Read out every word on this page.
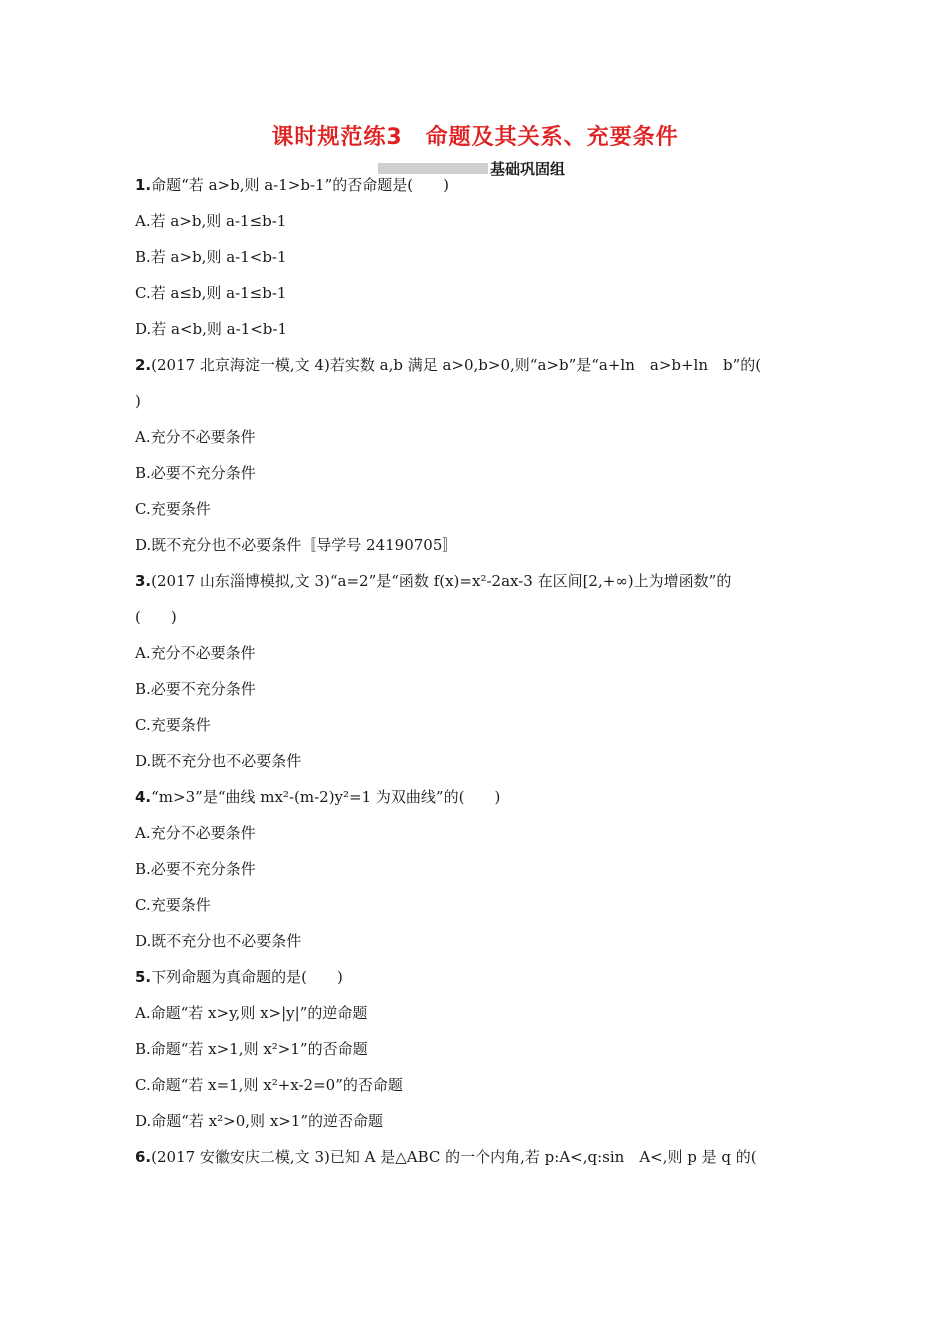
课时规范练3　命题及其关系、充要条件
基础巩固组
1.命题“若 a>b,则 a-1>b-1”的否命题是(　　)
A.若 a>b,则 a-1≤b-1
B.若 a>b,则 a-1<b-1
C.若 a≤b,则 a-1≤b-1
D.若 a<b,则 a-1<b-1
2.(2017 北京海淀一模,文 4)若实数 a,b 满足 a>0,b>0,则“a>b”是“a+ln　a>b+ln　b”的(
)
A.充分不必要条件
B.必要不充分条件
C.充要条件
D.既不充分也不必要条件〚导学号 24190705〛
3.(2017 山东淄博模拟,文 3)“a=2”是“函数 f(x)=x²-2ax-3 在区间[2,+∞)上为增函数”的
(　　)
A.充分不必要条件
B.必要不充分条件
C.充要条件
D.既不充分也不必要条件
4.“m>3”是“曲线 mx²-(m-2)y²=1 为双曲线”的(　　)
A.充分不必要条件
B.必要不充分条件
C.充要条件
D.既不充分也不必要条件
5.下列命题为真命题的是(　　)
A.命题“若 x>y,则 x>|y|”的逆命题
B.命题“若 x>1,则 x²>1”的否命题
C.命题“若 x=1,则 x²+x-2=0”的否命题
D.命题“若 x²>0,则 x>1”的逆否命题
6.(2017 安徽安庆二模,文 3)已知 A 是△ABC 的一个内角,若 p:A<,q:sin　A<,则 p 是 q 的(
